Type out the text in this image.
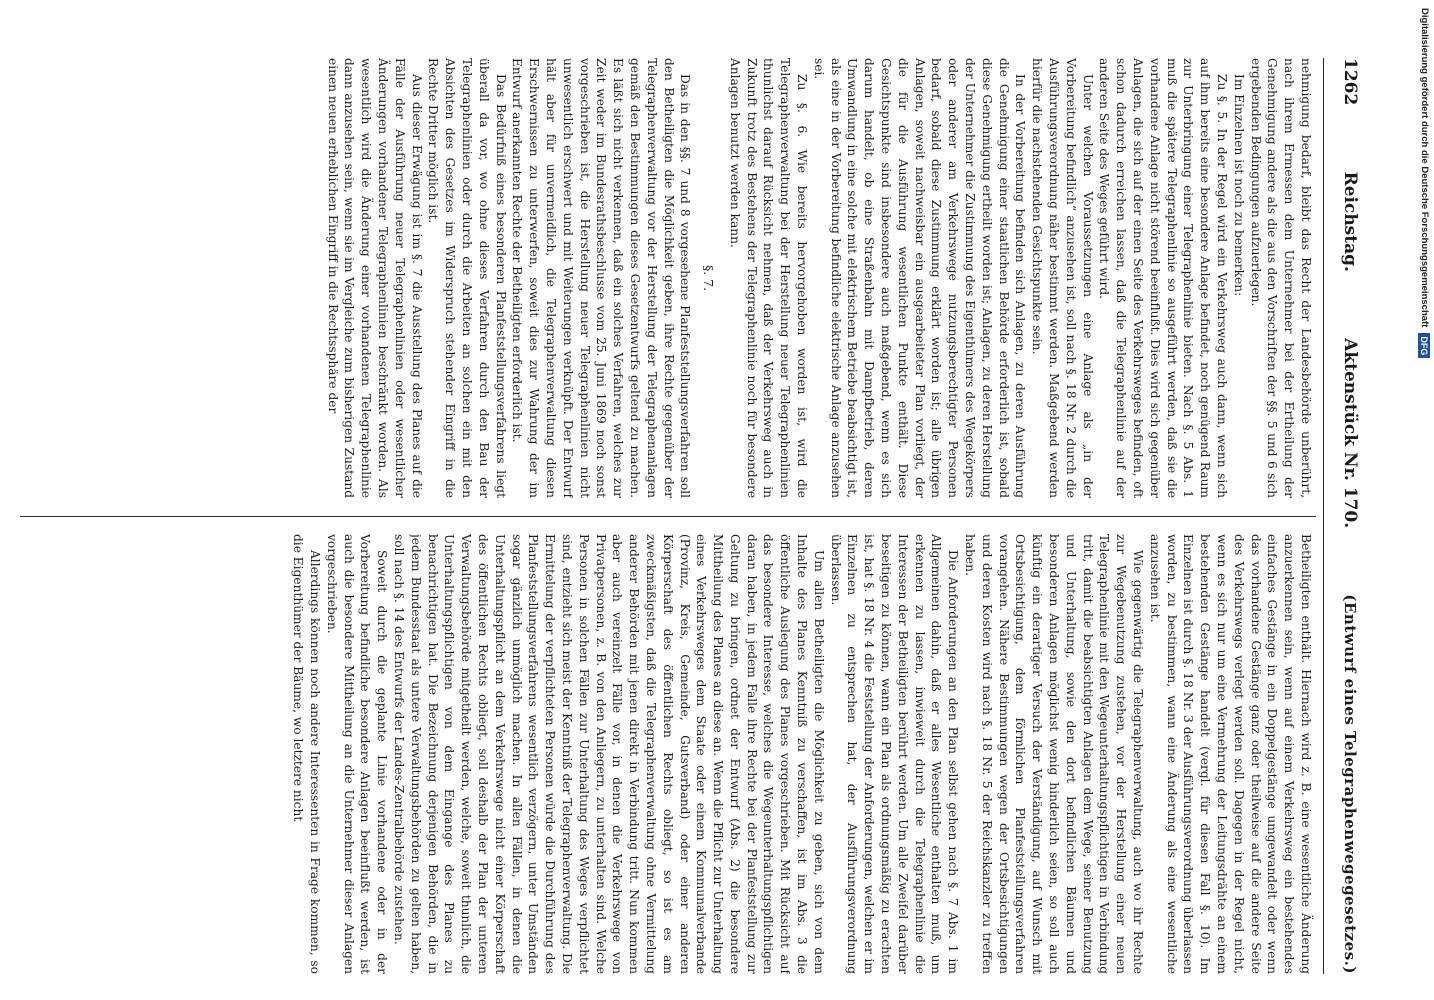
1262
Reichstag.
Aktenstück Nr. 170.
(Entwurf eines Telegraphenwegegesetzes.)

nehmigung bedarf, bleibt das Recht der Landesbehörde unberührt, nach ihrem Ermessen dem Unternehmer bei der Ertheilung der Genehmigung andere als die aus den Vorschriften der §§. 5 und 6 sich ergebenden Bedingungen aufzuerlegen.

Im Einzelnen ist noch zu bemerken:

Zu §. 5. In der Regel wird ein Verkehrsweg auch dann, wenn sich auf ihm bereits eine besondere Anlage befindet, noch genügend Raum zur Unterbringung einer Telegraphenlinie bieten. Nach §. 5 Abs. 1 muß die spätere Telegraphenlinie so ausgeführt werden, daß sie die vorhandene Anlage nicht störend beeinflußt. Dies wird sich gegenüber Anlagen, die sich auf der einen Seite des Verkehrsweges befinden, oft schon dadurch erreichen lassen, daß die Telegraphenlinie auf der anderen Seite des Weges geführt wird.

Unter welchen Voraussetzungen eine Anlage als „in der Vorbereitung befindlich“ anzusehen ist, soll nach §. 18 Nr. 2 durch die Ausführungsverordnung näher bestimmt werden. Maßgebend werden hierfür die nachstehenden Gesichtspunkte sein.

In der Vorbereitung befinden sich Anlagen, zu deren Ausführung die Genehmigung einer staatlichen Behörde erforderlich ist, sobald diese Genehmigung ertheilt worden ist; Anlagen, zu deren Herstellung der Unternehmer die Zustimmung des Eigenthümers des Wegekörpers oder anderer am Verkehrswege nutzungsberechtigter Personen bedarf, sobald diese Zustimmung erklärt worden ist; alle übrigen Anlagen, soweit nachweisbar ein ausgearbeiteter Plan vorliegt, der die für die Ausführung wesentlichen Punkte enthält. Diese Gesichtspunkte sind insbesondere auch maßgebend, wenn es sich darum handelt, ob eine Straßenbahn mit Dampfbetrieb, deren Umwandlung in eine solche mit elektrischem Betriebe beabsichtigt ist, als eine in der Vorbereitung befindliche elektrische Anlage anzusehen sei.

Zu §. 6. Wie bereits hervorgehoben worden ist, wird die Telegraphenverwaltung bei der Herstellung neuer Telegraphenlinien thunlichst darauf Rücksicht nehmen, daß der Verkehrsweg auch in Zukunft trotz des Bestehens der Telegraphenlinie noch für besondere Anlagen benutzt werden kann.

§. 7.

Das in den §§. 7 und 8 vorgesehene Planfeststellungsverfahren soll den Betheiligten die Möglichkeit geben, ihre Rechte gegenüber der Telegraphenverwaltung vor der Herstellung der Telegraphenanlagen gemäß den Bestimmungen dieses Gesetzentwurfs geltend zu machen. Es läßt sich nicht verkennen, daß ein solches Verfahren, welches zur Zeit weder im Bundesrathsbeschlusse vom 25. Juni 1869 noch sonst vorgeschrieben ist, die Herstellung neuer Telegraphenlinien nicht unwesentlich erschwert und mit Weiterungen verknüpft. Der Entwurf hält aber für unvermeidlich, die Telegraphenverwaltung diesen Erschwernissen zu unterwerfen, soweit dies zur Wahrung der im Entwurf anerkannten Rechte der Betheiligten erforderlich ist.

Das Bedürfniß eines besonderen Planfeststellungsverfahrens liegt überall da vor, wo ohne dieses Verfahren durch den Bau der Telegraphenlinien oder durch die Arbeiten an solchen ein mit den Absichten des Gesetzes im Widerspruch stehender Eingriff in die Rechte Dritter möglich ist.

Aus dieser Erwägung ist im §. 7 die Ausstellung des Planes auf die Fälle der Ausführung neuer Telegraphenlinien oder wesentlicher Änderungen vorhandener Telegraphenlinien beschränkt worden. Als wesentlich wird die Änderung einer vorhandenen Telegraphenlinie dann anzusehen sein, wenn sie im Vergleiche zum bisherigen Zustand einen neuen erheblichen Eingriff in die Rechtssphäre der

Betheiligten enthält. Hiernach wird z. B. eine wesentliche Änderung anzuerkennen sein, wenn auf einem Verkehrsweg ein bestehendes einfaches Gestänge in ein Doppelgestänge umgewandelt oder wenn das vorhandene Gestänge ganz oder theilweise auf die andere Seite des Verkehrswegs verlegt werden soll. Dagegen in der Regel nicht, wenn es sich nur um eine Vermehrung der Leitungsdrähte an einem bestehenden Gestänge handelt (vergl. für diesen Fall §. 10). Im Einzelnen ist durch §. 18 Nr. 3 der Ausführungsverordnung überlassen worden, zu bestimmen, wann eine Änderung als eine wesentliche anzusehen ist.

Wie gegenwärtig die Telegraphenverwaltung, auch wo ihr Rechte zur Wegebenutzung zustehen, vor der Herstellung einer neuen Telegraphenlinie mit den Wegeunterhaltungspflichtigen in Verbindung tritt, damit die beabsichtigten Anlagen dem Wege, seiner Benutzung und Unterhaltung, sowie den dort befindlichen Bäumen und besonderen Anlagen möglichst wenig hinderlich seien, so soll auch künftig ein derartiger Versuch der Verständigung, auf Wunsch mit Ortsbesichtigung, dem förmlichen Planfeststellungsverfahren vorangehen. Nähere Bestimmungen wegen der Ortsbesichtigungen und deren Kosten wird nach §. 18 Nr. 5 der Reichskanzler zu treffen haben.

Die Anforderungen an den Plan selbst gehen nach §. 7 Abs. 1 im Allgemeinen dahin, daß er alles Wesentliche enthalten muß, um erkennen zu lassen, inwieweit durch die Telegraphenlinie die Interessen der Betheiligten berührt werden. Um alle Zweifel darüber beseitigen zu können, wann ein Plan als ordnungsmäßig zu erachten ist, hat §. 18 Nr. 4 die Feststellung der Anforderungen, welchen er im Einzelnen zu entsprechen hat, der Ausführungsverordnung überlassen.

Um allen Betheiligten die Möglichkeit zu geben, sich von dem Inhalte des Planes Kenntniß zu verschaffen, ist im Abs. 3 die öffentliche Auslegung des Planes vorgeschrieben. Mit Rücksicht auf das besondere Interesse, welches die Wegeunterhaltungspflichtigen daran haben, in jedem Falle ihre Rechte bei der Planfeststellung zur Geltung zu bringen, ordnet der Entwurf (Abs. 2) die besondere Mittheilung des Planes an diese an. Wenn die Pflicht zur Unterhaltung eines Verkehrsweges dem Staate oder einem Kommunalverbande (Provinz, Kreis, Gemeinde, Gutsverband) oder einer anderen Körperschaft des öffentlichen Rechts obliegt, so ist es am zweckmäßigsten, daß die Telegraphenverwaltung ohne Vermittelung anderer Behörden mit jenen direkt in Verbindung tritt. Nun kommen aber auch vereinzelt Fälle vor, in denen die Verkehrswege von Privatpersonen, z. B. von den Anliegern, zu unterhalten sind. Welche Personen in solchen Fällen zur Unterhaltung des Weges verpflichtet sind, entzieht sich meist der Kenntniß der Telegraphenverwaltung. Die Ermittelung der verpflichteten Personen würde die Durchführung des Planfeststellungsverfahrens wesentlich verzögern, unter Umständen sogar gänzlich unmöglich machen. In allen Fällen, in denen die Unterhaltungspflicht an dem Verkehrswege nicht einer Körperschaft des öffentlichen Rechts obliegt, soll deshalb der Plan der unteren Verwaltungsbehörde mitgetheilt werden, welche, soweit thunlich, die Unterhaltungspflichtigen von dem Eingange des Planes zu benachrichtigen hat. Die Bezeichnung derjenigen Behörden, die in jedem Bundesstaat als untere Verwaltungsbehörden zu gelten haben, soll nach §. 14 des Entwurfs der Landes-Zentralbehörde zustehen.

Soweit durch die geplante Linie vorhandene oder in der Vorbereitung befindliche besondere Anlagen beeinflußt werden, ist auch die besondere Mittheilung an die Unternehmer dieser Anlagen vorgeschrieben.

Allerdings können noch andere Interessenten in Frage kommen, so die Eigenthümer der Bäume, wo letztere nicht

Digitalisierung gefördert durch die Deutsche Forschungsgemeinschaft
DFG
